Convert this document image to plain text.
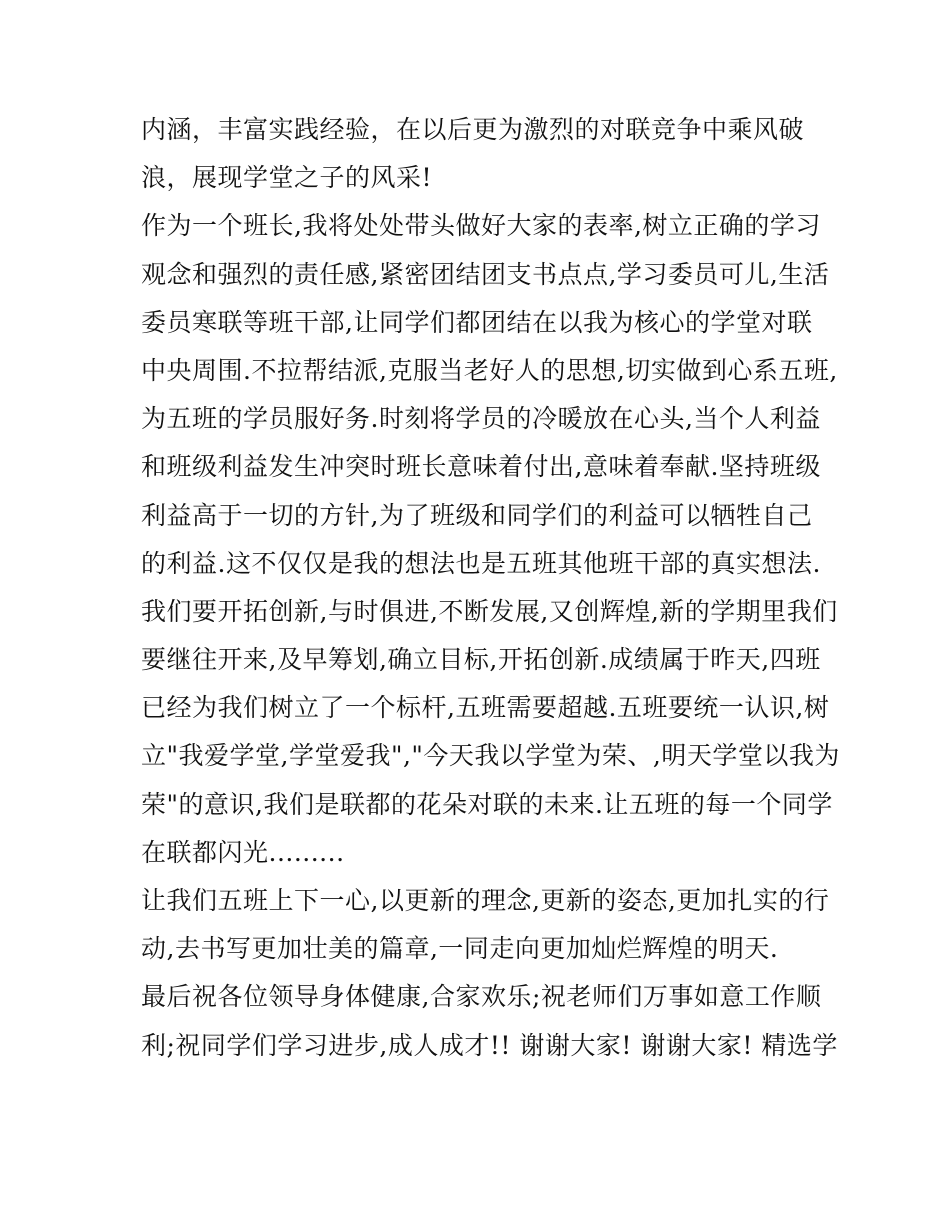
内涵，丰富实践经验，在以后更为激烈的对联竞争中乘风破
浪，展现学堂之子的风采!
作为一个班长,我将处处带头做好大家的表率,树立正确的学习
观念和强烈的责任感,紧密团结团支书点点,学习委员可儿,生活
委员寒联等班干部,让同学们都团结在以我为核心的学堂对联
中央周围.不拉帮结派,克服当老好人的思想,切实做到心系五班,
为五班的学员服好务.时刻将学员的冷暖放在心头,当个人利益
和班级利益发生冲突时班长意味着付出,意味着奉献.坚持班级
利益高于一切的方针,为了班级和同学们的利益可以牺牲自己
的利益.这不仅仅是我的想法也是五班其他班干部的真实想法.
我们要开拓创新,与时俱进,不断发展,又创辉煌,新的学期里我们
要继往开来,及早筹划,确立目标,开拓创新.成绩属于昨天,四班
已经为我们树立了一个标杆,五班需要超越.五班要统一认识,树
立"我爱学堂,学堂爱我","今天我以学堂为荣、,明天学堂以我为
荣"的意识,我们是联都的花朵对联的未来.让五班的每一个同学
在联都闪光.........
让我们五班上下一心,以更新的理念,更新的姿态,更加扎实的行
动,去书写更加壮美的篇章,一同走向更加灿烂辉煌的明天.
最后祝各位领导身体健康,合家欢乐;祝老师们万事如意工作顺
利;祝同学们学习进步,成人成才!! 谢谢大家! 谢谢大家! 精选学
